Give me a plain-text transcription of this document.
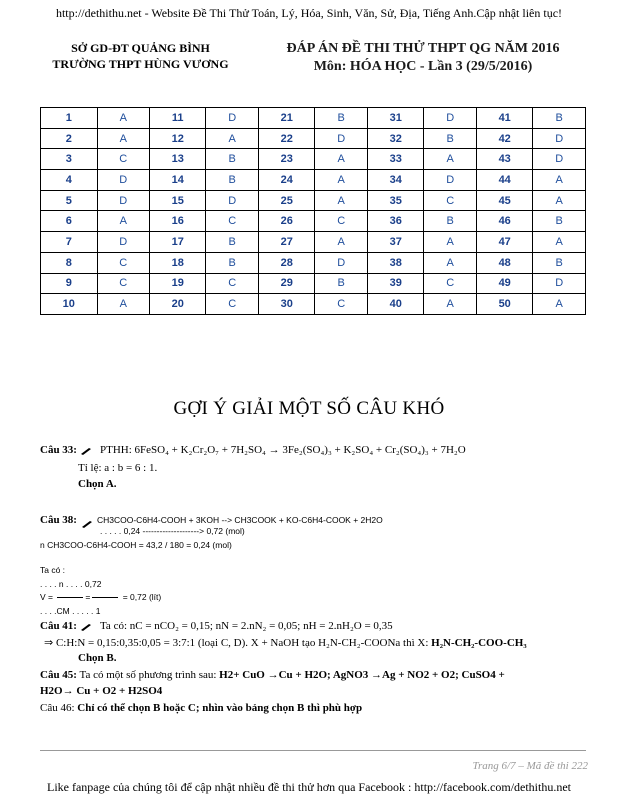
http://dethithu.net - Website Đề Thi Thử Toán, Lý, Hóa, Sinh, Văn, Sử, Địa, Tiếng Anh.Cập nhật liên tục!
SỞ GD-ĐT QUẢNG BÌNH
TRƯỜNG THPT HÙNG VƯƠNG
ĐÁP ÁN ĐỀ THI THỬ THPT QG NĂM 2016
Môn: HÓA HỌC - Lần 3 (29/5/2016)
1	A	11	D	21	B	31	D	41	B
2	A	12	A	22	D	32	B	42	D
3	C	13	B	23	A	33	A	43	D
4	D	14	B	24	A	34	D	44	A
5	D	15	D	25	A	35	C	45	A
6	A	16	C	26	C	36	B	46	B
7	D	17	B	27	A	37	A	47	A
8	C	18	B	28	D	38	A	48	B
9	C	19	C	29	B	39	C	49	D
10	A	20	C	30	C	40	A	50	A
GỢI Ý GIẢI MỘT SỐ CÂU KHÓ
Câu 33: PTHH: 6FeSO₄ + K₂Cr₂O₇ + 7H₂SO₄ → 3Fe₂(SO₄)₃ + K₂SO₄ + Cr₂(SO₄)₃ + 7H₂O
Tỉ lệ: a : b = 6 : 1.
Chọn A.
Câu 38: CH3COO-C6H4-COOH + 3KOH --> CH3COOK + KO-C6H4-COOK + 2H2O
. . . . . 0,24 --------------------> 0,72 (mol)
n CH3COO-C6H4-COOH = 43,2 / 180 = 0,24 (mol)
Ta có :
. . . . n . . . . 0,72
V =	=	= 0,72 (lít)
. . . .CM . . . . . 1
Câu 41: Ta có: nC = nCO₂ = 0,15; nN = 2.nN₂ = 0,05; nH = 2.nH₂O = 0,35
⇒ C:H:N = 0,15:0,35:0,05 = 3:7:1 (loại C, D). X + NaOH tạo H₂N-CH₂-COONa thì X: H₂N-CH₂-COO-CH₃
Chọn B.
Câu 45: Ta có một số phương trình sau: H2+ CuO →Cu + H2O; AgNO3 →Ag + NO2 + O2; CuSO4 +
H2O→ Cu + O2 + H2SO4
Câu 46: Chỉ có thể chọn B hoặc C; nhìn vào bảng chọn B thì phù hợp
Trang 6/7 – Mã đề thi 222
Like fanpage của chúng tôi để cập nhật nhiều đề thi thử hơn qua Facebook : http://facebook.com/dethithu.net
